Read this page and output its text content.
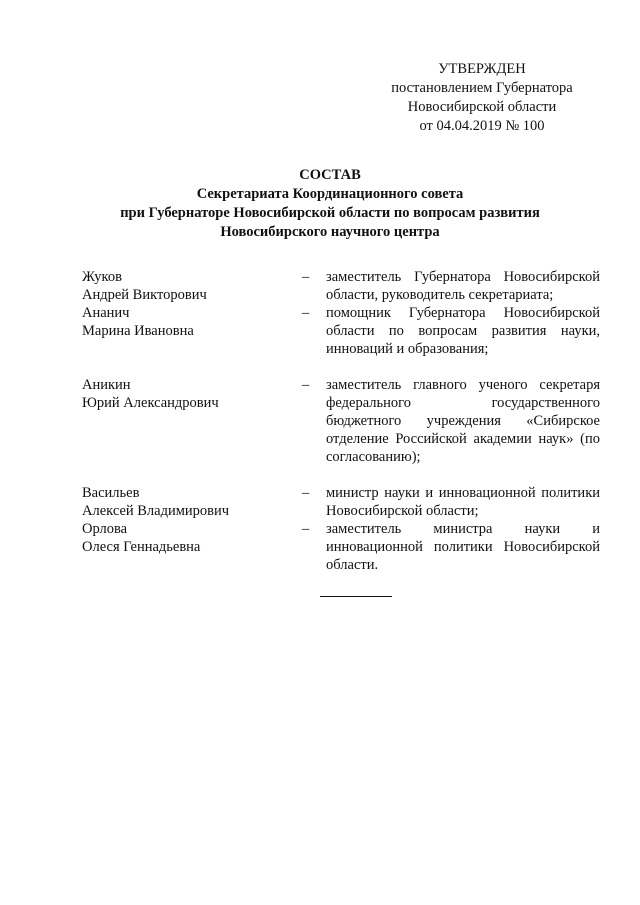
УТВЕРЖДЕН
постановлением Губернатора
Новосибирской области
от 04.04.2019 № 100
СОСТАВ
Секретариата Координационного совета
при Губернаторе Новосибирской области по вопросам развития
Новосибирского научного центра
Жуков
Андрей Викторович
–	заместитель Губернатора Новосибирской области, руководитель секретариата;
Ананич
Марина Ивановна
–	помощник Губернатора Новосибирской области по вопросам развития науки, инноваций и образования;
Аникин
Юрий Александрович
–	заместитель главного ученого секретаря федерального государственного бюджетного учреждения «Сибирское отделение Российской академии наук» (по согласованию);
Васильев
Алексей Владимирович
–	министр науки и инновационной политики Новосибирской области;
Орлова
Олеся Геннадьевна
–	заместитель министра науки и инновационной политики Новосибирской области.
